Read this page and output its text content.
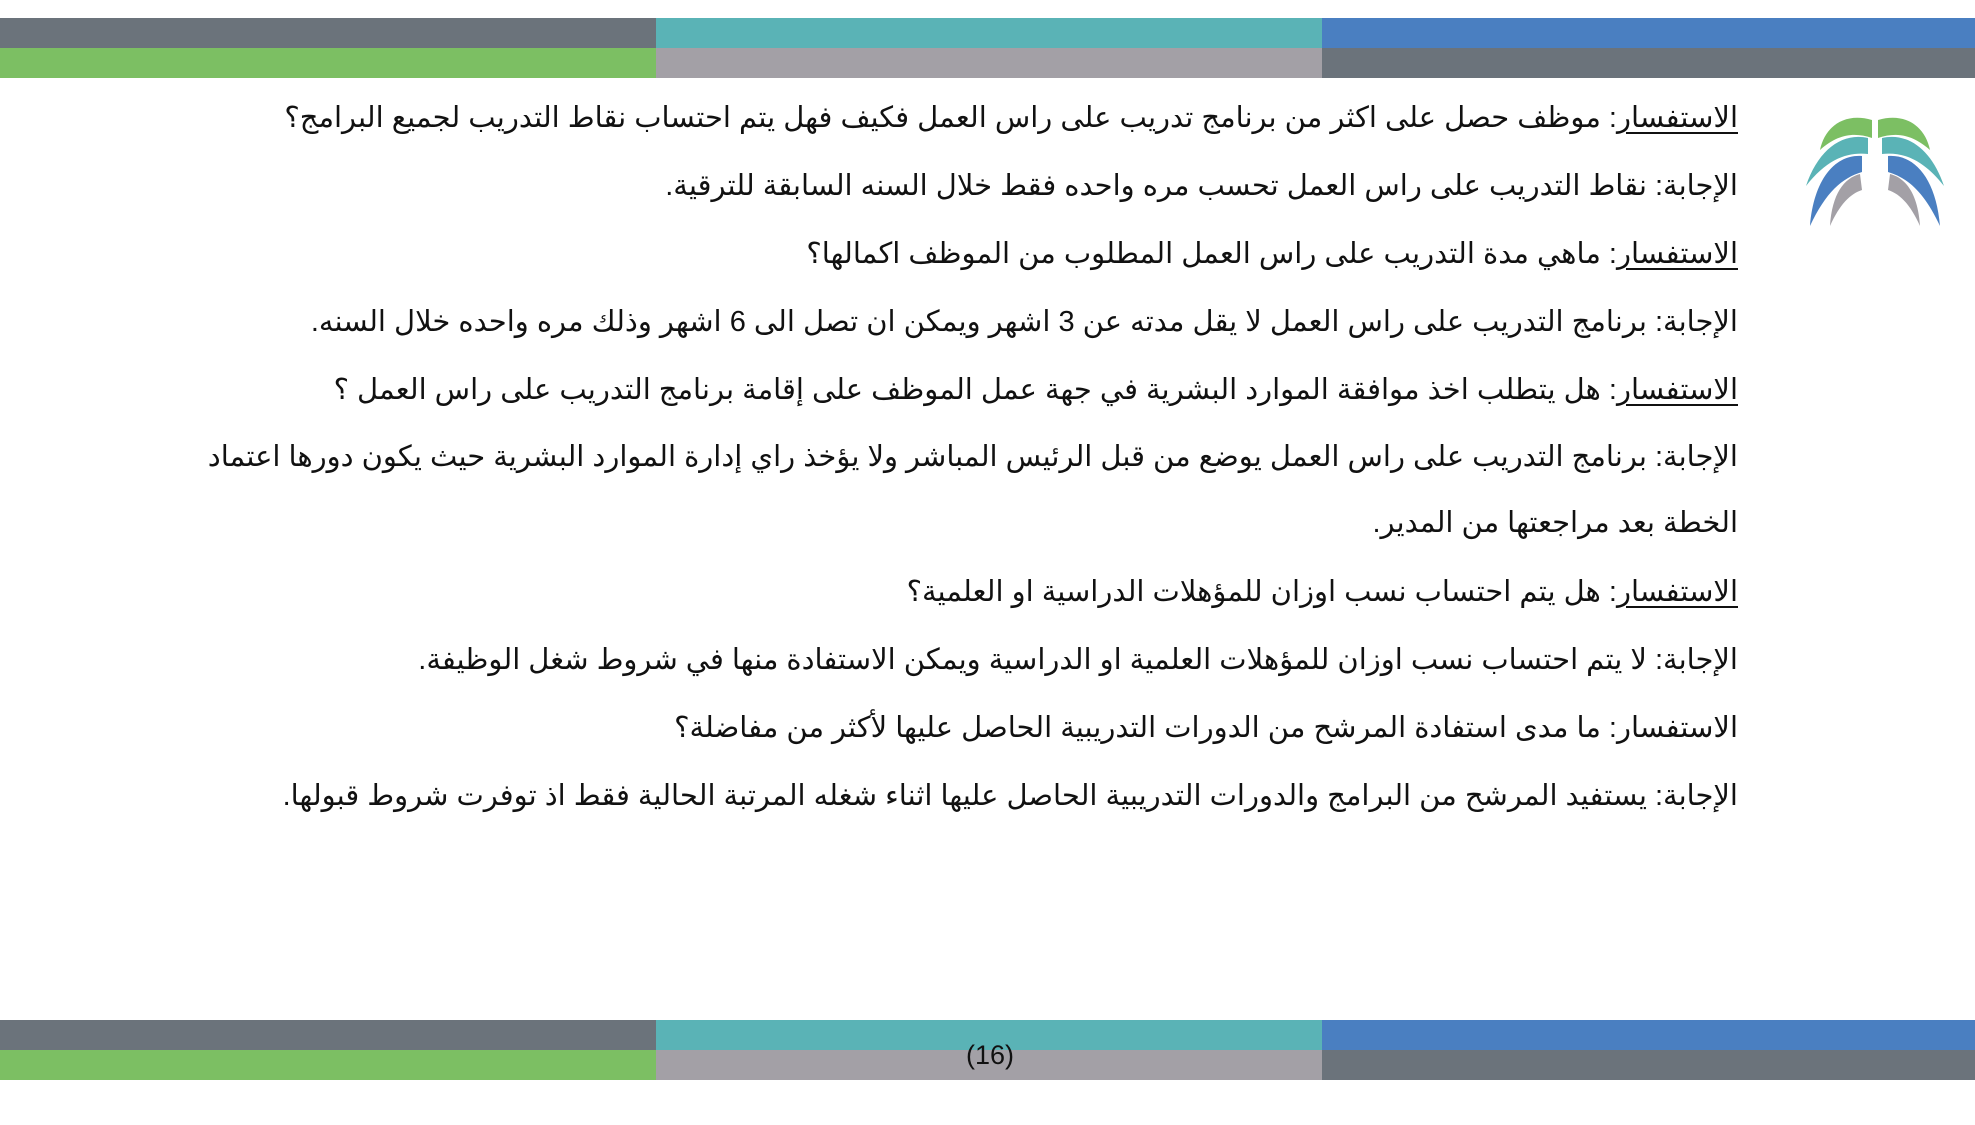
الاستفسار: موظف حصل على اكثر من برنامج تدريب على راس العمل فكيف فهل يتم احتساب نقاط التدريب لجميع البرامج؟

الإجابة: نقاط التدريب على راس العمل تحسب مره واحده فقط خلال السنه السابقة للترقية.

الاستفسار: ماهي مدة التدريب على راس العمل المطلوب من الموظف اكمالها؟

الإجابة: برنامج التدريب على راس العمل لا يقل مدته عن 3 اشهر ويمكن ان تصل الى 6 اشهر وذلك مره واحده خلال السنه.

الاستفسار: هل يتطلب اخذ موافقة الموارد البشرية في جهة عمل الموظف على إقامة برنامج التدريب على راس العمل ؟

الإجابة: برنامج التدريب على راس العمل يوضع من قبل الرئيس المباشر ولا يؤخذ راي إدارة الموارد البشرية حيث يكون دورها اعتماد الخطة بعد مراجعتها من المدير.

الاستفسار: هل يتم احتساب نسب اوزان للمؤهلات الدراسية او العلمية؟

الإجابة: لا يتم احتساب نسب اوزان للمؤهلات العلمية او الدراسية ويمكن الاستفادة منها في شروط شغل الوظيفة.

الاستفسار: ما مدى استفادة المرشح من الدورات التدريبية الحاصل عليها لأكثر من مفاضلة؟

الإجابة: يستفيد المرشح من البرامج والدورات التدريبية الحاصل عليها اثناء شغله المرتبة الحالية فقط اذ توفرت شروط قبولها.

(16)
